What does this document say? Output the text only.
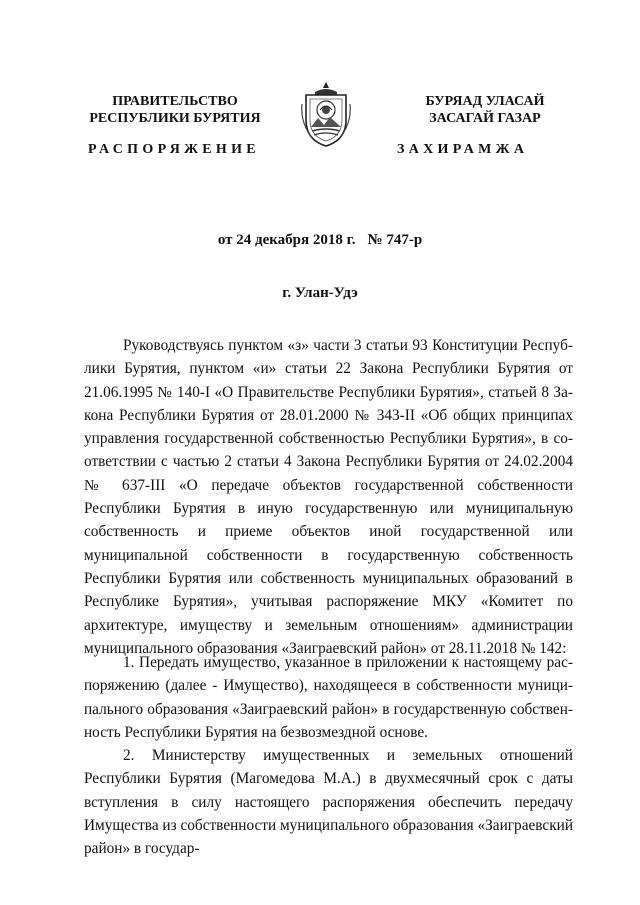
ПРАВИТЕЛЬСТВО
РЕСПУБЛИКИ БУРЯТИЯ
БУРЯАД УЛАСАЙ
ЗАСАГАЙ ГАЗАР
РАСПОРЯЖЕНИЕ	ЗАХИРАМЖА
от 24 декабря 2018 г. № 747-р
г. Улан-Удэ

Руководствуясь пунктом «з» части 3 статьи 93 Конституции Республики Бурятия, пунктом «и» статьи 22 Закона Республики Бурятия от 21.06.1995 № 140-I «О Правительстве Республики Бурятия», статьей 8 Закона Республики Бурятия от 28.01.2000 № 343-II «Об общих принципах управления государственной собственностью Республики Бурятия», в соответствии с частью 2 статьи 4 Закона Республики Бурятия от 24.02.2004 № 637-III «О передаче объектов государственной собственности Республики Бурятия в иную государственную или муниципальную собственность и приеме объектов иной государственной или муниципальной собственности в государственную собственность Республики Бурятия или собственность муниципальных образований в Республике Бурятия», учитывая распоряжение МКУ «Комитет по архитектуре, имуществу и земельным отношениям» администрации муниципального образования «Заиграевский район» от 28.11.2018 № 142:

1. Передать имущество, указанное в приложении к настоящему распоряжению (далее - Имущество), находящееся в собственности муниципального образования «Заиграевский район» в государственную собственность Республики Бурятия на безвозмездной основе.

2. Министерству имущественных и земельных отношений Республики Бурятия (Магомедова М.А.) в двухмесячный срок с даты вступления в силу настоящего распоряжения обеспечить передачу Имущества из собственности муниципального образования «Заиграевский район» в государ-
